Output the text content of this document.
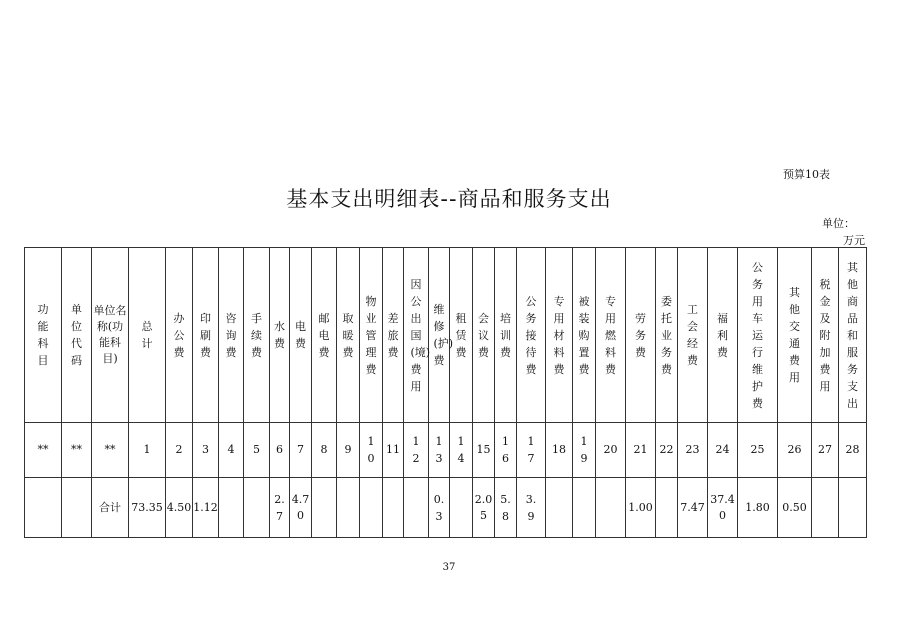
预算10表
基本支出明细表--商品和服务支出
单位：
万元
功能科目	单位代码	单位名称(功能科目)	总计	办公费	印刷费	咨询费	手续费	水费	电费	邮电费	取暖费	物业管理费	差旅费	因公出国(境)费用	维修(护)费	租赁费	会议费	培训费	公务接待费	专用材料费	被装购置费	专用燃料费	劳务费	委托业务费	工会经费	福利费	公务用车运行维护费	其他交通费用	税金及附加费用	其他商品和服务支出
**	**	**	1	2	3	4	5	6	7	8	9	10	11	12	13	14	15	16	17	18	19	20	21	22	23	24	25	26	27	28
		合计	73.35	4.50	1.12			2.7	4.70						0.3		2.05	5.8	3.9				1.00		7.47	37.40	1.80	0.50		
37
